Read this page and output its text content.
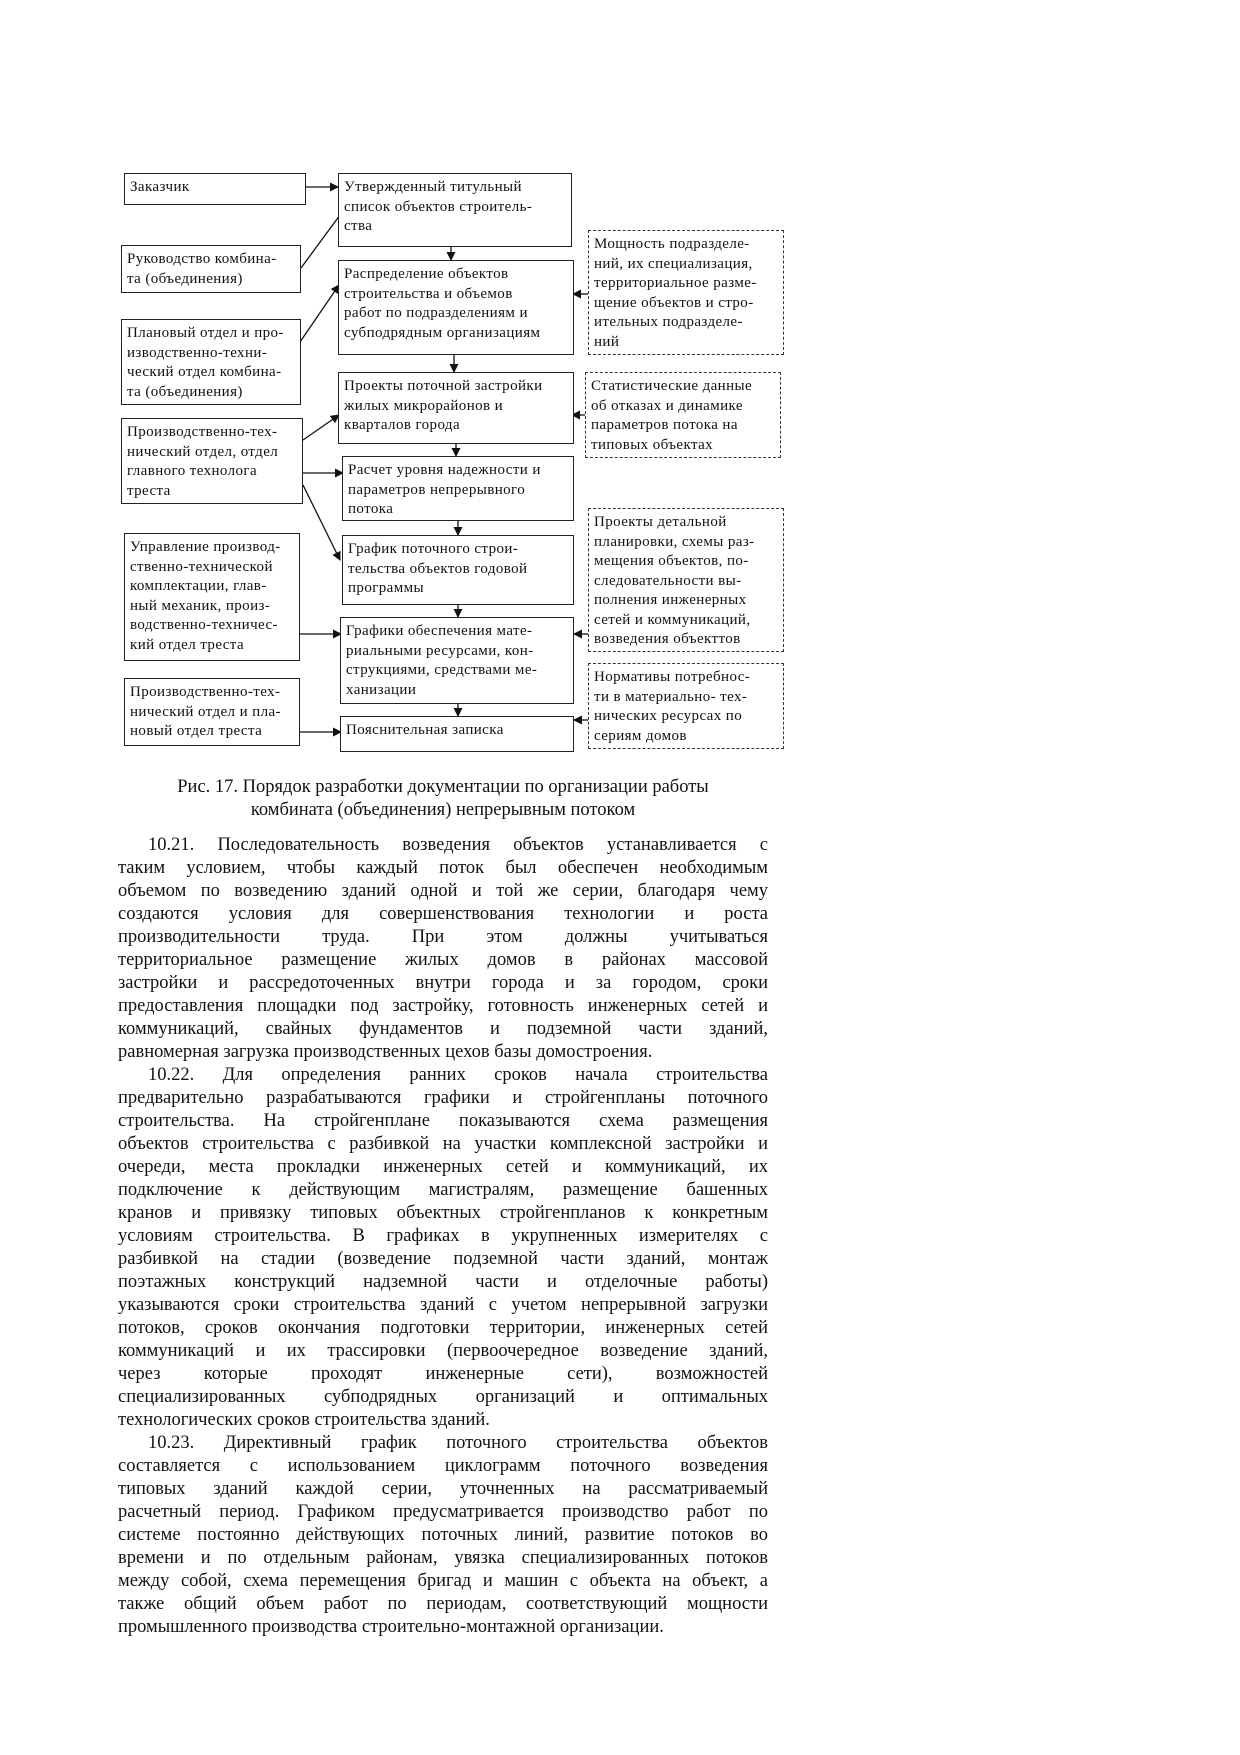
Заказчик
Руководство комбина-
та (объединения)
Плановый отдел и про-
изводственно-техни-
ческий отдел комбина-
та (объединения)
Производственно-тех-
нический отдел, отдел
главного технолога
треста
Управление производ-
ственно-технической
комплектации, глав-
ный механик, произ-
водственно-техничес-
кий отдел треста
Производственно-тех-
нический отдел и пла-
новый отдел треста
Утвержденный титульный
список объектов строитель-
ства
Распределение объектов
строительства и объемов
работ по подразделениям и
субподрядным организациям
Проекты поточной застройки
жилых микрорайонов и
кварталов города
Расчет уровня надежности и
параметров непрерывного
потока
График поточного строи-
тельства объектов годовой
программы
Графики обеспечения мате-
риальными ресурсами, кон-
струкциями, средствами ме-
ханизации
Пояснительная записка
Мощность подразделе-
ний, их специализация,
территориальное разме-
щение объектов и стро-
ительных подразделе-
ний
Статистические данные
об отказах и динамике
параметров потока на
типовых объектах
Проекты детальной
планировки, схемы раз-
мещения объектов, по-
следовательности вы-
полнения инженерных
сетей и коммуникаций,
возведения объекттов
Нормативы потребнос-
ти в материально- тех-
нических ресурсах по
сериям домов
Рис. 17. Порядок разработки документации по организации работы
комбината (объединения) непрерывным потоком
10.21. Последовательность возведения объектов устанавливается с
таким условием, чтобы каждый поток был обеспечен необходимым
объемом по возведению зданий одной и той же серии, благодаря чему
создаются условия для совершенствования технологии и роста
производительности труда. При этом должны учитываться
территориальное размещение жилых домов в районах массовой
застройки и рассредоточенных внутри города и за городом, сроки
предоставления площадки под застройку, готовность инженерных сетей и
коммуникаций, свайных фундаментов и подземной части зданий,
равномерная загрузка производственных цехов базы домостроения.
10.22. Для определения ранних сроков начала строительства
предварительно разрабатываются графики и стройгенпланы поточного
строительства. На стройгенплане показываются схема размещения
объектов строительства с разбивкой на участки комплексной застройки и
очереди, места прокладки инженерных сетей и коммуникаций, их
подключение к действующим магистралям, размещение башенных
кранов и привязку типовых объектных стройгенпланов к конкретным
условиям строительства. В графиках в укрупненных измерителях с
разбивкой на стадии (возведение подземной части зданий, монтаж
поэтажных конструкций надземной части и отделочные работы)
указываются сроки строительства зданий с учетом непрерывной загрузки
потоков, сроков окончания подготовки территории, инженерных сетей
коммуникаций и их трассировки (первоочередное возведение зданий,
через которые проходят инженерные сети), возможностей
специализированных субподрядных организаций и оптимальных
технологических сроков строительства зданий.
10.23. Директивный график поточного строительства объектов
составляется с использованием циклограмм поточного возведения
типовых зданий каждой серии, уточненных на рассматриваемый
расчетный период. Графиком предусматривается производство работ по
системе постоянно действующих поточных линий, развитие потоков во
времени и по отдельным районам, увязка специализированных потоков
между собой, схема перемещения бригад и машин с объекта на объект, а
также общий объем работ по периодам, соответствующий мощности
промышленного производства строительно-монтажной организации.
